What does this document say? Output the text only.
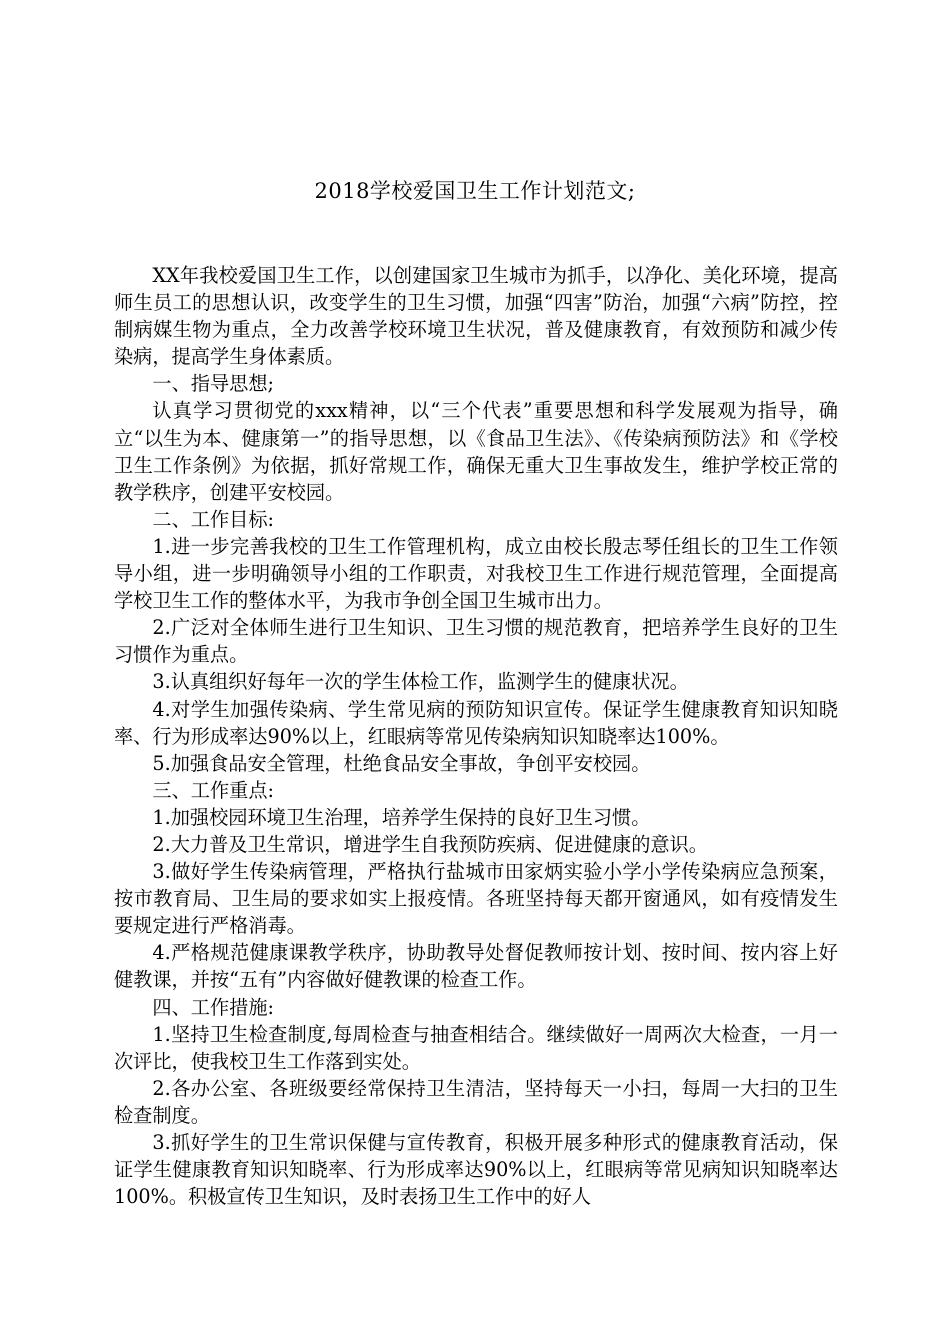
2018学校爱国卫生工作计划范文;

XX年我校爱国卫生工作，以创建国家卫生城市为抓手，以净化、美化环境，提高师生员工的思想认识，改变学生的卫生习惯，加强“四害”防治，加强“六病”防控，控制病媒生物为重点，全力改善学校环境卫生状况，普及健康教育，有效预防和减少传染病，提高学生身体素质。

一、指导思想;

认真学习贯彻党的xxx精神，以“三个代表”重要思想和科学发展观为指导，确立“以生为本、健康第一”的指导思想，以《食品卫生法》、《传染病预防法》和《学校卫生工作条例》为依据，抓好常规工作，确保无重大卫生事故发生，维护学校正常的教学秩序，创建平安校园。

二、工作目标:

1.进一步完善我校的卫生工作管理机构，成立由校长殷志琴任组长的卫生工作领导小组，进一步明确领导小组的工作职责，对我校卫生工作进行规范管理，全面提高学校卫生工作的整体水平，为我市争创全国卫生城市出力。

2.广泛对全体师生进行卫生知识、卫生习惯的规范教育，把培养学生良好的卫生习惯作为重点。

3.认真组织好每年一次的学生体检工作，监测学生的健康状况。

4.对学生加强传染病、学生常见病的预防知识宣传。保证学生健康教育知识知晓率、行为形成率达90%以上，红眼病等常见传染病知识知晓率达100%。

5.加强食品安全管理，杜绝食品安全事故，争创平安校园。

三、工作重点:

1.加强校园环境卫生治理，培养学生保持的良好卫生习惯。

2.大力普及卫生常识，增进学生自我预防疾病、促进健康的意识。

3.做好学生传染病管理，严格执行盐城市田家炳实验小学小学传染病应急预案，按市教育局、卫生局的要求如实上报疫情。各班坚持每天都开窗通风，如有疫情发生要规定进行严格消毒。

4.严格规范健康课教学秩序，协助教导处督促教师按计划、按时间、按内容上好健教课，并按“五有”内容做好健教课的检查工作。

四、工作措施:

1.坚持卫生检查制度,每周检查与抽查相结合。继续做好一周两次大检查，一月一次评比，使我校卫生工作落到实处。

2.各办公室、各班级要经常保持卫生清洁，坚持每天一小扫，每周一大扫的卫生检查制度。

3.抓好学生的卫生常识保健与宣传教育，积极开展多种形式的健康教育活动，保证学生健康教育知识知晓率、行为形成率达90%以上，红眼病等常见病知识知晓率达100%。积极宣传卫生知识，及时表扬卫生工作中的好人
